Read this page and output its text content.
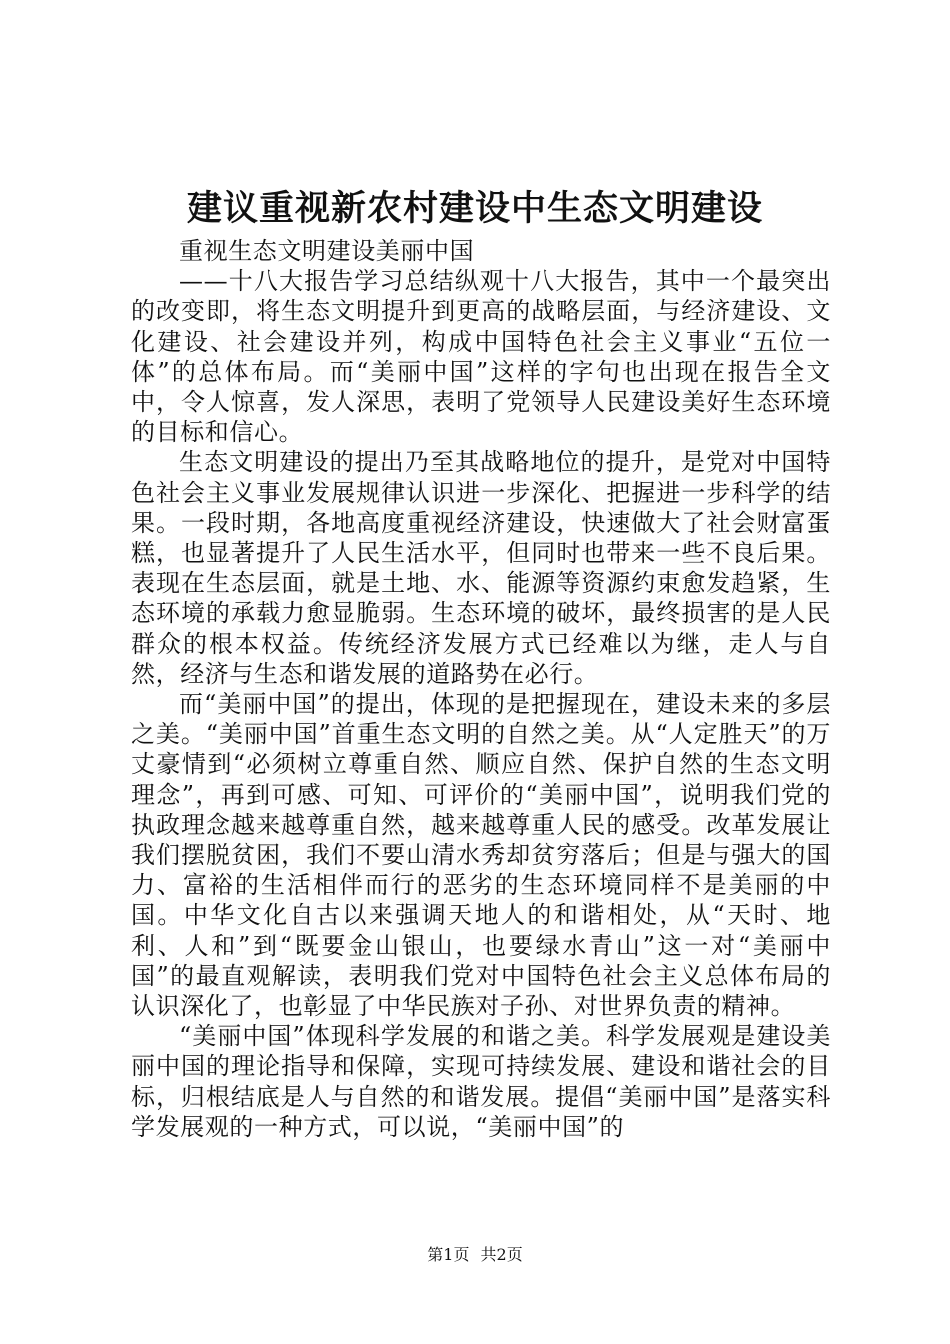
建议重视新农村建设中生态文明建设

重视生态文明建设美丽中国

——十八大报告学习总结纵观十八大报告，其中一个最突出的改变即，将生态文明提升到更高的战略层面，与经济建设、文化建设、社会建设并列，构成中国特色社会主义事业“五位一体”的总体布局。而“美丽中国”这样的字句也出现在报告全文中，令人惊喜，发人深思，表明了党领导人民建设美好生态环境的目标和信心。

生态文明建设的提出乃至其战略地位的提升，是党对中国特色社会主义事业发展规律认识进一步深化、把握进一步科学的结果。一段时期，各地高度重视经济建设，快速做大了社会财富蛋糕，也显著提升了人民生活水平，但同时也带来一些不良后果。表现在生态层面，就是土地、水、能源等资源约束愈发趋紧，生态环境的承载力愈显脆弱。生态环境的破坏，最终损害的是人民群众的根本权益。传统经济发展方式已经难以为继，走人与自然，经济与生态和谐发展的道路势在必行。

而“美丽中国”的提出，体现的是把握现在，建设未来的多层之美。“美丽中国”首重生态文明的自然之美。从“人定胜天”的万丈豪情到“必须树立尊重自然、顺应自然、保护自然的生态文明理念”，再到可感、可知、可评价的“美丽中国”，说明我们党的执政理念越来越尊重自然，越来越尊重人民的感受。改革发展让我们摆脱贫困，我们不要山清水秀却贫穷落后；但是与强大的国力、富裕的生活相伴而行的恶劣的生态环境同样不是美丽的中国。中华文化自古以来强调天地人的和谐相处，从“天时、地利、人和”到“既要金山银山，也要绿水青山”这一对“美丽中国”的最直观解读，表明我们党对中国特色社会主义总体布局的认识深化了，也彰显了中华民族对子孙、对世界负责的精神。

“美丽中国”体现科学发展的和谐之美。科学发展观是建设美丽中国的理论指导和保障，实现可持续发展、建设和谐社会的目标，归根结底是人与自然的和谐发展。提倡“美丽中国”是落实科学发展观的一种方式，可以说，“美丽中国”的

第1页 共2页
